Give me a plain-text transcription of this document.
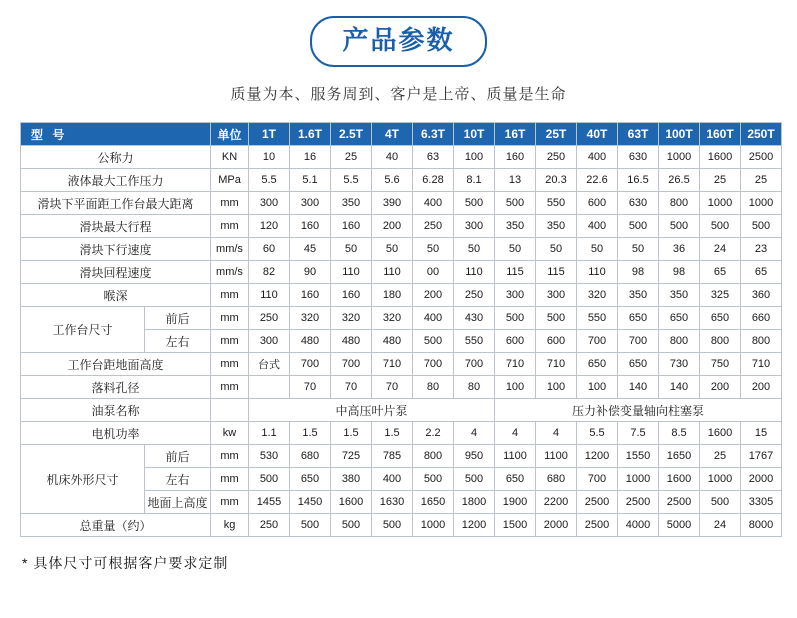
产品参数
质量为本、服务周到、客户是上帝、质量是生命
型 号		单位	1T	1.6T	2.5T	4T	6.3T	10T	16T	25T	40T	63T	100T	160T	250T
公称力		KN	10	16	25	40	63	100	160	250	400	630	1000	1600	2500
液体最大工作压力		MPa	5.5	5.1	5.5	5.6	6.28	8.1	13	20.3	22.6	16.5	26.5	25	25
滑块下平面距工作台最大距离		mm	300	300	350	390	400	500	500	550	600	630	800	1000	1000
滑块最大行程		mm	120	160	160	200	250	300	350	350	400	500	500	500	500
滑块下行速度		mm/s	60	45	50	50	50	50	50	50	50	50	36	24	23
滑块回程速度		mm/s	82	90	110	110	00	110	115	115	110	98	98	65	65
喉深		mm	110	160	160	180	200	250	300	300	320	350	350	325	360
工作台尺寸	前后	mm	250	320	320	320	400	430	500	500	550	650	650	650	660
	左右	mm	300	480	480	480	500	550	600	600	700	700	800	800	800
工作台距地面高度		mm	台式	700	700	710	700	700	710	710	650	650	730	750	710
落料孔径		mm		70	70	70	80	80	100	100	100	140	140	200	200
油泵名称			中高压叶片泵						压力补偿变量轴向柱塞泵						
电机功率		kw	1.1	1.5	1.5	1.5	2.2	4	4	4	5.5	7.5	8.5	1600	15
机床外形尺寸	前后	mm	530	680	725	785	800	950	1100	1100	1200	1550	1650	25	1767
	左右	mm	500	650	380	400	500	500	650	680	700	1000	1600	1000	2000
	地面上高度	mm	1455	1450	1600	1630	1650	1800	1900	2200	2500	2500	2500	500	3305
总重量（约）		kg	250	500	500	500	1000	1200	1500	2000	2500	4000	5000	24	8000
* 具体尺寸可根据客户要求定制
